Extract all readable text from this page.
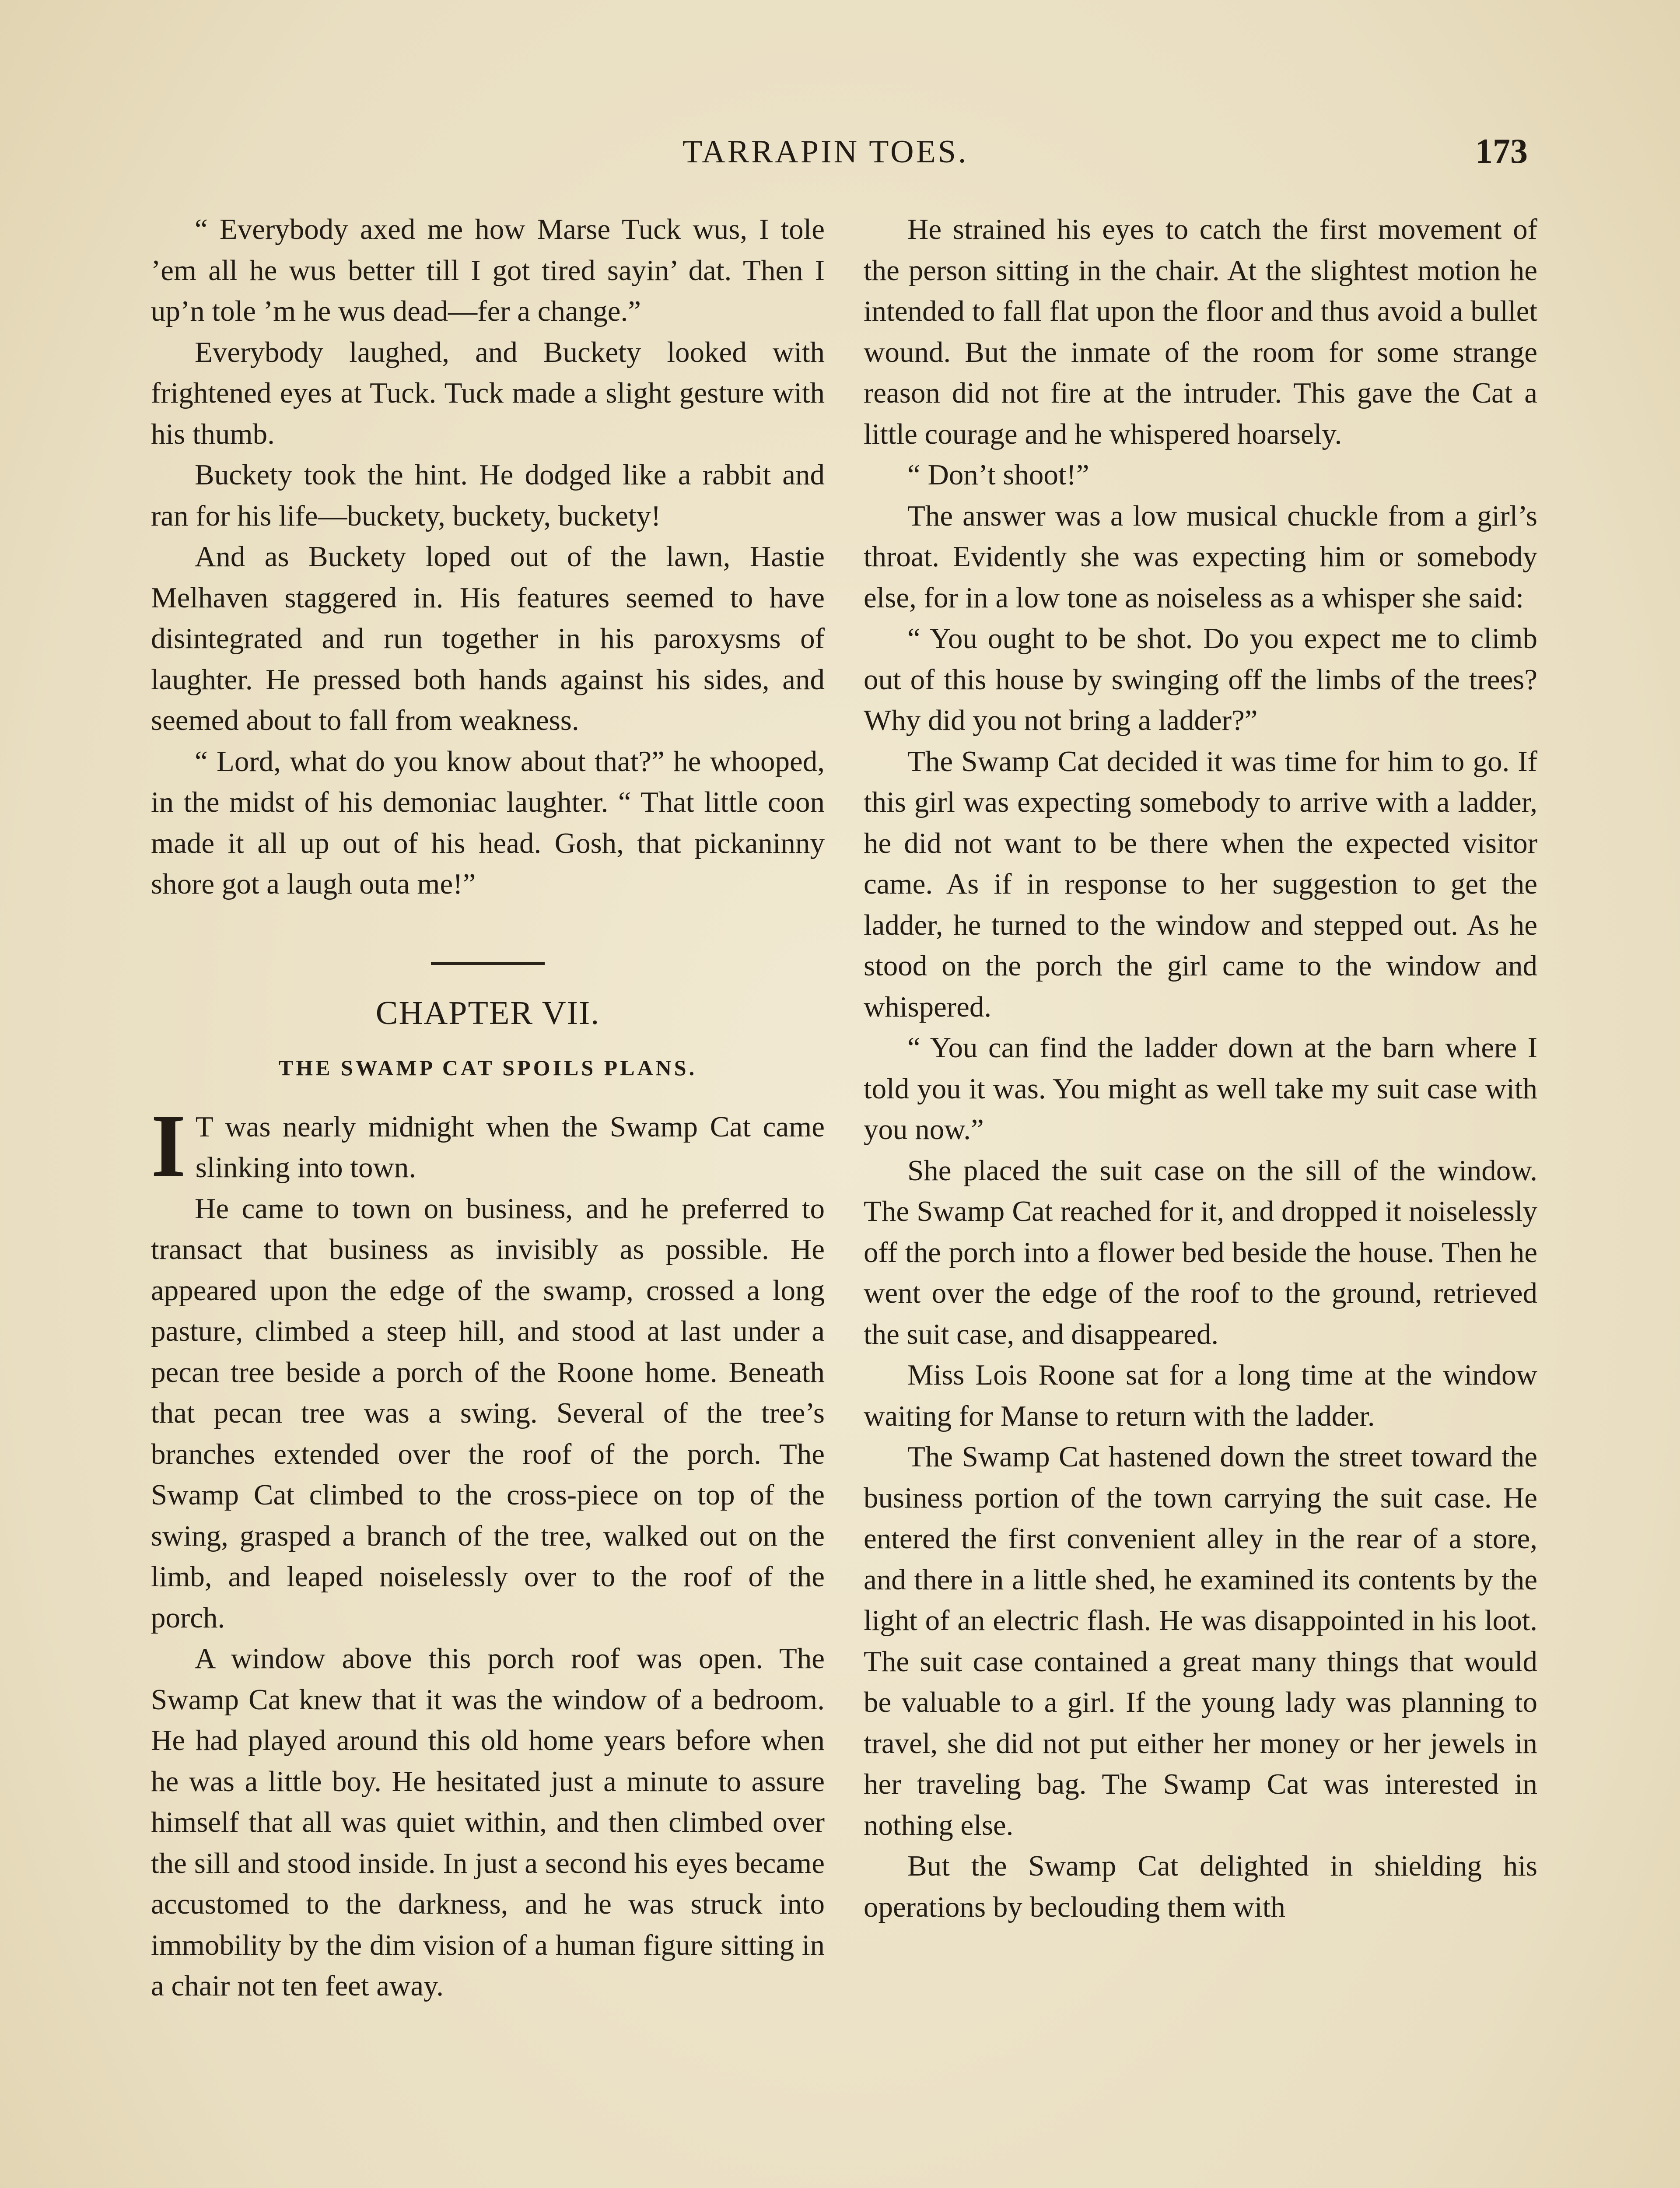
TARRAPIN TOES.	173

“ Everybody axed me how Marse Tuck wus, I tole ’em all he wus better till I got tired sayin’ dat. Then I up’n tole ’m he wus dead—fer a change.”

Everybody laughed, and Buckety looked with frightened eyes at Tuck. Tuck made a slight gesture with his thumb.

Buckety took the hint. He dodged like a rabbit and ran for his life—buckety, buckety, buckety!

And as Buckety loped out of the lawn, Hastie Melhaven staggered in. His features seemed to have disintegrated and run together in his paroxysms of laughter. He pressed both hands against his sides, and seemed about to fall from weakness.

“ Lord, what do you know about that?” he whooped, in the midst of his demoniac laughter. “ That little coon made it all up out of his head. Gosh, that pickaninny shore got a laugh outa me!”

CHAPTER VII.
THE SWAMP CAT SPOILS PLANS.

I T was nearly midnight when the Swamp Cat came slinking into town.

He came to town on business, and he preferred to transact that business as invisibly as possible. He appeared upon the edge of the swamp, crossed a long pasture, climbed a steep hill, and stood at last under a pecan tree beside a porch of the Roone home. Beneath that pecan tree was a swing. Several of the tree’s branches extended over the roof of the porch. The Swamp Cat climbed to the cross-piece on top of the swing, grasped a branch of the tree, walked out on the limb, and leaped noiselessly over to the roof of the porch.

A window above this porch roof was open. The Swamp Cat knew that it was the window of a bedroom. He had played around this old home years before when he was a little boy. He hesitated just a minute to assure himself that all was quiet within, and then climbed over the sill and stood inside. In just a second his eyes became accustomed to the darkness, and he was struck into immobility by the dim vision of a human figure sitting in a chair not ten feet away.

He strained his eyes to catch the first movement of the person sitting in the chair. At the slightest motion he intended to fall flat upon the floor and thus avoid a bullet wound. But the inmate of the room for some strange reason did not fire at the intruder. This gave the Cat a little courage and he whispered hoarsely.

“ Don’t shoot!”

The answer was a low musical chuckle from a girl’s throat. Evidently she was expecting him or somebody else, for in a low tone as noiseless as a whisper she said:

“ You ought to be shot. Do you expect me to climb out of this house by swinging off the limbs of the trees? Why did you not bring a ladder?”

The Swamp Cat decided it was time for him to go. If this girl was expecting somebody to arrive with a ladder, he did not want to be there when the expected visitor came. As if in response to her suggestion to get the ladder, he turned to the window and stepped out. As he stood on the porch the girl came to the window and whispered.

“ You can find the ladder down at the barn where I told you it was. You might as well take my suit case with you now.”

She placed the suit case on the sill of the window. The Swamp Cat reached for it, and dropped it noiselessly off the porch into a flower bed beside the house. Then he went over the edge of the roof to the ground, retrieved the suit case, and disappeared.

Miss Lois Roone sat for a long time at the window waiting for Manse to return with the ladder.

The Swamp Cat hastened down the street toward the business portion of the town carrying the suit case. He entered the first convenient alley in the rear of a store, and there in a little shed, he examined its contents by the light of an electric flash. He was disappointed in his loot. The suit case contained a great many things that would be valuable to a girl. If the young lady was planning to travel, she did not put either her money or her jewels in her traveling bag. The Swamp Cat was interested in nothing else.

But the Swamp Cat delighted in shielding his operations by beclouding them with
